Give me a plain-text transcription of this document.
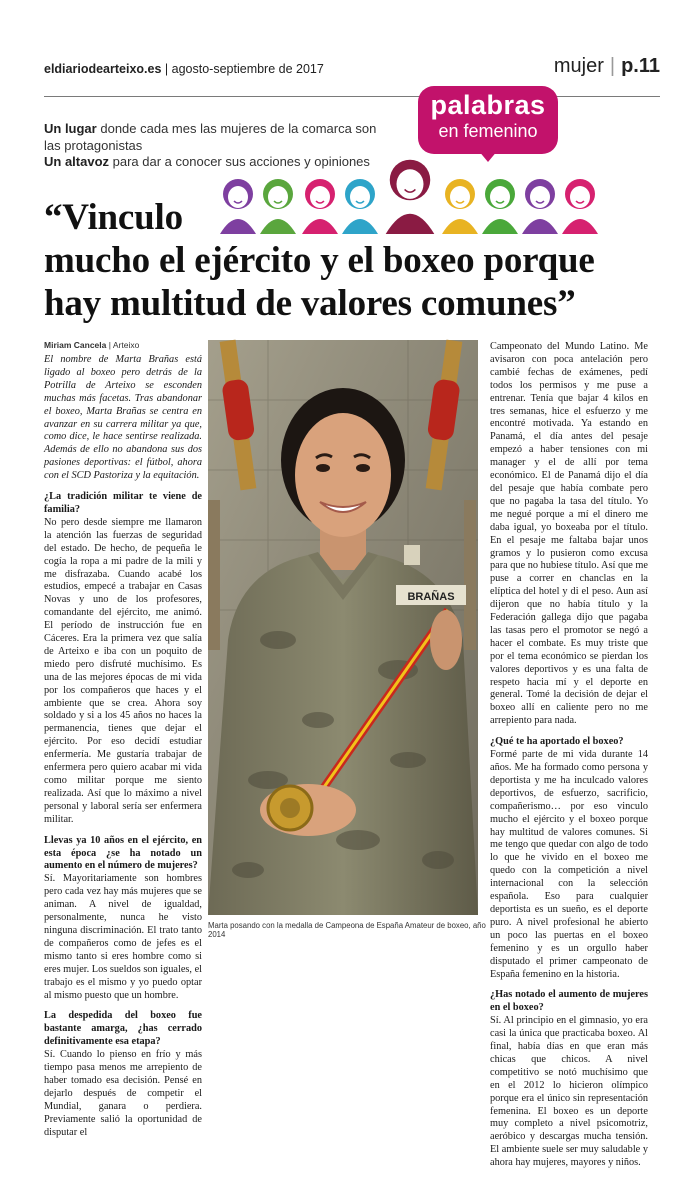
eldiariodearteixo.es | agosto-septiembre de 2017	mujer | p.11
Un lugar donde cada mes las mujeres de la comarca son las protagonistas
Un altavoz para dar a conocer sus acciones y opiniones
palabras
en femenino
“Vinculo
mucho el ejército y el boxeo porque
hay multitud de valores comunes”
Miriam Cancela | Arteixo

El nombre de Marta Brañas está ligado al boxeo pero detrás de la Potrilla de Arteixo se esconden muchas más facetas. Tras abandonar el boxeo, Marta Brañas se centra en avanzar en su carrera militar ya que, como dice, le hace sentirse realizada. Además de ello no abandona sus dos pasiones deportivas: el fútbol, ahora con el SCD Pastoriza y la equitación.

¿La tradición militar te viene de familia?

No pero desde siempre me llamaron la atención las fuerzas de seguridad del estado. De hecho, de pequeña le cogía la ropa a mi padre de la mili y me disfrazaba. Cuando acabé los estudios, empecé a trabajar en Casas Novas y uno de los profesores, comandante del ejército, me animó. El período de instrucción fue en Cáceres. Era la primera vez que salía de Arteixo e iba con un poquito de miedo pero disfruté muchísimo. Es una de las mejores épocas de mi vida por los compañeros que haces y el ambiente que se crea. Ahora soy soldado y si a los 45 años no haces la permanencia, tienes que dejar el ejército. Por eso decidí estudiar enfermería. Me gustaría trabajar de enfermera pero quiero acabar mi vida como militar porque me siento realizada. Así que lo máximo a nivel personal y laboral sería ser enfermera militar.

Llevas ya 10 años en el ejército, en esta época ¿se ha notado un aumento en el número de mujeres?

Sí. Mayoritariamente son hombres pero cada vez hay más mujeres que se animan. A nivel de igualdad, personalmente, nunca he visto ninguna discriminación. El trato tanto de compañeros como de jefes es el mismo tanto si eres hombre como si eres mujer. Los sueldos son iguales, el trabajo es el mismo y yo puedo optar al mismo puesto que un hombre.

La despedida del boxeo fue bastante amarga, ¿has cerrado definitivamente esa etapa?

Sí. Cuando lo pienso en frío y más tiempo pasa menos me arrepiento de haber tomado esa decisión. Pensé en dejarlo después de competir el Mundial, ganara o perdiera. Previamente salió la oportunidad de disputar el

BRAÑAS
Marta posando con la medalla de Campeona de España Amateur de boxeo, año 2014

Campeonato del Mundo Latino. Me avisaron con poca antelación pero cambié fechas de exámenes, pedí todos los permisos y me puse a entrenar. Tenía que bajar 4 kilos en tres semanas, hice el esfuerzo y me encontré motivada. Ya estando en Panamá, el día antes del pesaje empezó a haber tensiones con mi manager y el de allí por tema económico. El de Panamá dijo el día del pesaje que había combate pero que no pagaba la tasa del título. Yo me negué porque a mí el dinero me daba igual, yo boxeaba por el título. En el pesaje me faltaba bajar unos gramos y lo pusieron como excusa para que no hubiese título. Así que me puse a correr en chanclas en la elíptica del hotel y di el peso. Aun así dijeron que no había título y la Federación gallega dijo que pagaba las tasas pero el promotor se negó a hacer el combate. Es muy triste que por el tema económico se pierdan los valores deportivos y es una falta de respeto hacia mí y el deporte en general. Tomé la decisión de dejar el boxeo allí en caliente pero no me arrepiento para nada.

¿Qué te ha aportado el boxeo?

Formé parte de mi vida durante 14 años. Me ha formado como persona y deportista y me ha inculcado valores deportivos, de esfuerzo, sacrificio, compañerismo… por eso vinculo mucho el ejército y el boxeo porque hay multitud de valores comunes. Si me tengo que quedar con algo de todo lo que he vivido en el boxeo me quedo con la competición a nivel internacional con la selección española. Eso para cualquier deportista es un sueño, es el deporte puro. A nivel profesional he abierto un poco las puertas en el boxeo femenino y es un orgullo haber disputado el primer campeonato de España femenino en la historia.

¿Has notado el aumento de mujeres en el boxeo?

Sí. Al principio en el gimnasio, yo era casi la única que practicaba boxeo. Al final, había días en que eran más chicas que chicos. A nivel competitivo se notó muchísimo que en el 2012 lo hicieron olímpico porque era el único sin representación femenina. El boxeo es un deporte muy completo a nivel psicomotriz, aeróbico y descargas mucha tensión. El ambiente suele ser muy saludable y ahora hay mujeres, mayores y niños.
